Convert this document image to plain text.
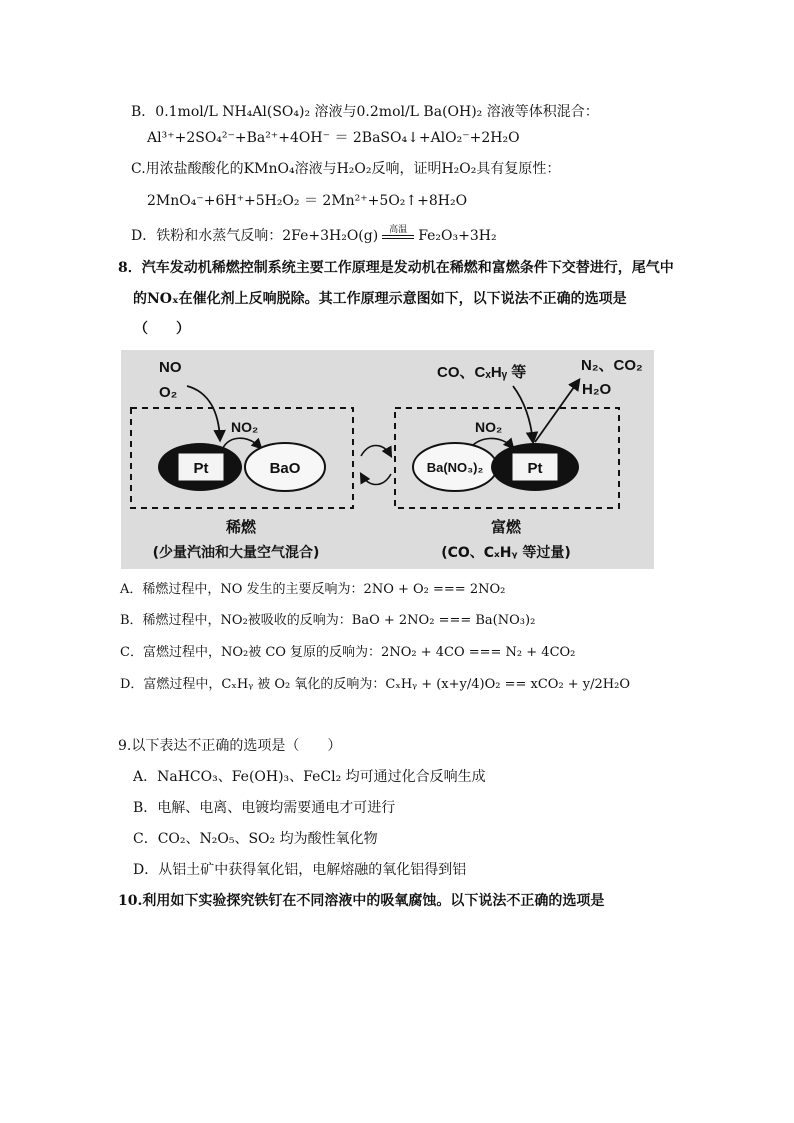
B．0.1mol/L NH₄Al(SO₄)₂ 溶液与0.2mol/L Ba(OH)₂ 溶液等体积混合：
Al³⁺+2SO₄²⁻+Ba²⁺+4OH⁻ ＝ 2BaSO₄↓+AlO₂⁻+2H₂O
C.用浓盐酸酸化的KMnO₄溶液与H₂O₂反响，证明H₂O₂具有复原性：
2MnO₄⁻+6H⁺+5H₂O₂ ＝ 2Mn²⁺+5O₂↑+8H₂O
D．铁粉和水蒸气反响：2Fe+3H₂O(g)	高温 Fe₂O₃+3H₂
8．汽车发动机稀燃控制系统主要工作原理是发动机在稀燃和富燃条件下交替进行，尾气中
的NOₓ在催化剂上反响脱除。其工作原理示意图如下，以下说法不正确的选项是
（　　）
NO
O₂
NO₂
Pt	BaO
CO、CₓHᵧ 等	N₂、CO₂
H₂O
NO₂
Ba(NO₃)₂	Pt
稀燃
(少量汽油和大量空气混合)
富燃
(CO、CₓHᵧ 等过量)
A．稀燃过程中，NO 发生的主要反响为：2NO + O₂ === 2NO₂
B．稀燃过程中，NO₂被吸收的反响为：BaO + 2NO₂ === Ba(NO₃)₂
C．富燃过程中，NO₂被 CO 复原的反响为：2NO₂ + 4CO === N₂ + 4CO₂
D．富燃过程中，CₓHᵧ 被 O₂ 氧化的反响为：CₓHᵧ + (x+y/4)O₂ == xCO₂ + y/2H₂O
9.以下表达不正确的选项是（　　）
A．NaHCO₃、Fe(OH)₃、FeCl₂ 均可通过化合反响生成
B．电解、电离、电镀均需要通电才可进行
C．CO₂、N₂O₅、SO₂ 均为酸性氧化物
D．从铝土矿中获得氧化铝，电解熔融的氧化铝得到铝
10.利用如下实验探究铁钉在不同溶液中的吸氧腐蚀。以下说法不正确的选项是
